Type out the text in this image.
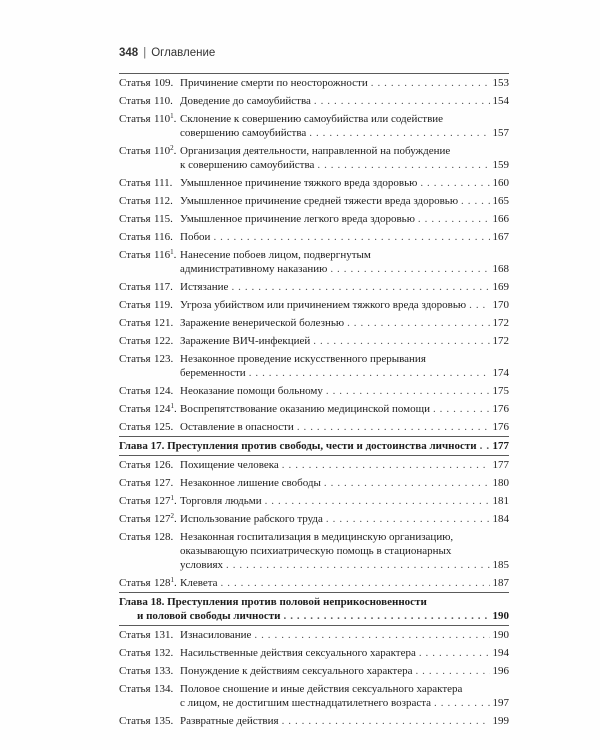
348 | Оглавление
Статья 109. Причинение смерти по неосторожности . . .	153
Статья 110. Доведение до самоубийства . . .	154
Статья $110^1$. Склонение к совершению самоубийства или содействие
совершению самоубийства . . .	157
Статья $110^2$. Организация деятельности, направленной на побуждение
к совершению самоубийства . . .	159
Статья 111. Умышленное причинение тяжкого вреда здоровью . . .	160
Статья 112. Умышленное причинение средней тяжести вреда здоровью . . .	165
Статья 115. Умышленное причинение легкого вреда здоровью . . .	166
Статья 116. Побои . . .	167
Статья $116^1$. Нанесение побоев лицом, подвергнутым
административному наказанию . . .	168
Статья 117. Истязание . . .	169
Статья 119. Угроза убийством или причинением тяжкого вреда здоровью . . . 170
Статья 121. Заражение венерической болезнью . . .	172
Статья 122. Заражение ВИЧ-инфекцией . . .	172
Статья 123. Незаконное проведение искусственного прерывания
беременности . . .	174
Статья 124. Неоказание помощи больному . . .	175
Статья $124^1$. Воспрепятствование оказанию медицинской помощи . . .	176
Статья 125. Оставление в опасности . . .	176
Глава 17. Преступления против свободы, чести и достоинства личности . . . 177
Статья 126. Похищение человека . . .	177
Статья 127. Незаконное лишение свободы . . .	180
Статья $127^1$. Торговля людьми . . .	181
Статья $127^2$. Использование рабского труда . . .	184
Статья 128. Незаконная госпитализация в медицинскую организацию,
оказывающую психиатрическую помощь в стационарных
условиях . . .	185
Статья $128^1$. Клевета . . .	187
Глава 18. Преступления против половой неприкосновенности
и половой свободы личности . . .	190
Статья 131. Изнасилование . . .	190
Статья 132. Насильственные действия сексуального характера . . .	194
Статья 133. Понуждение к действиям сексуального характера . . .	196
Статья 134. Половое сношение и иные действия сексуального характера
с лицом, не достигшим шестнадцатилетнего возраста . . .	197
Статья 135. Развратные действия . . .	199
